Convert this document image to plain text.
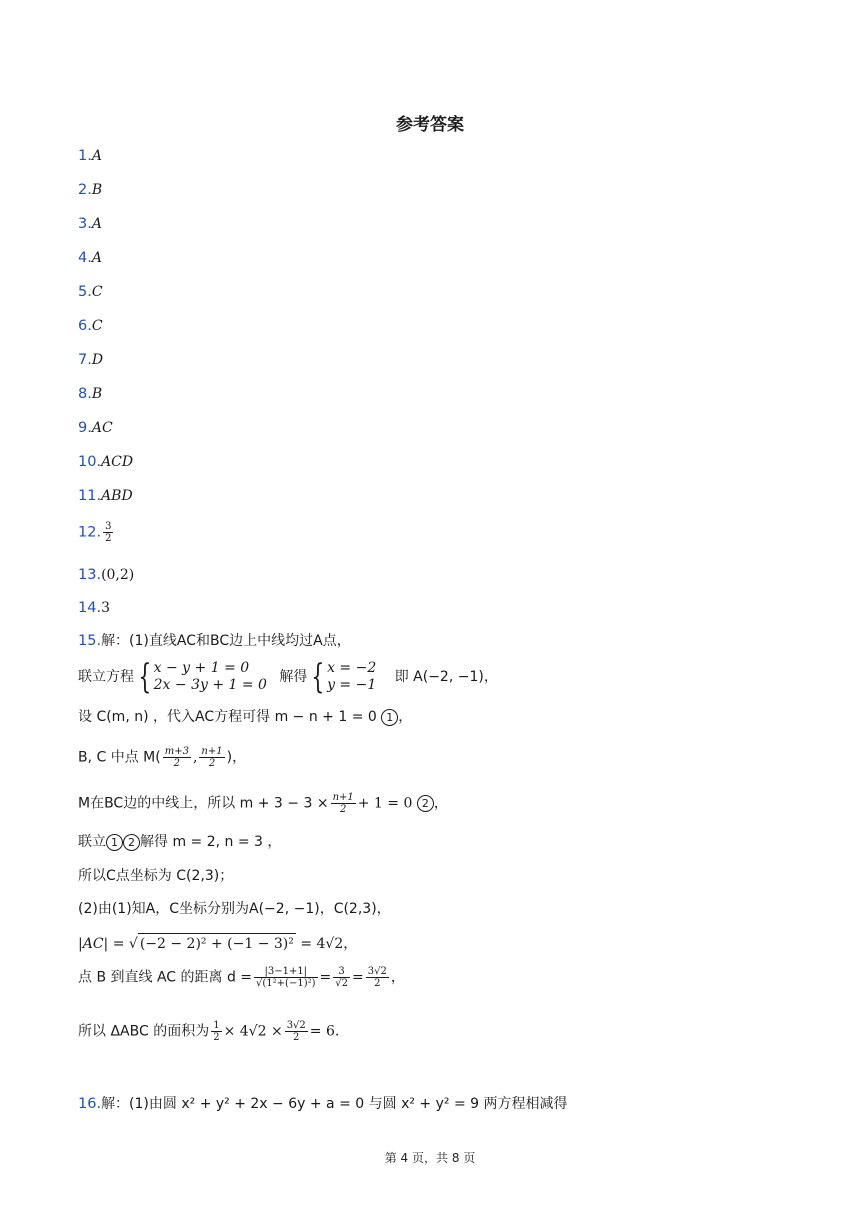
参考答案
1.A
2.B
3.A
4.A
5.C
6.C
7.D
8.B
9.AC
10.ACD
11.ABD
12. $\frac{3}{2}$
13.(0,2)
14.3
15.解：(1)直线AC和BC边上中线均过A点，
联立方程 { x − y + 1 = 0
2x − 3y + 1 = 0 解得 { x = −2
y = −1 即 A(−2, −1)，
设 C(m, n) ，代入AC方程可得 m − n + 1 = 0 1 ，
B, C 中点 $M( \frac{m+3}{2}$ , $\frac{n+1}{2}$ )，
M在BC边的中线上，所以 $m + 3 - 3 \times \frac{n+1}{2} + 1 = 0$ 2 ，
联立 1 2 解得 m = 2, n = 3 ，
所以C点坐标为 C(2,3)；
(2)由(1)知A，C坐标分别为A(−2, −1)，C(2,3)，
|AC| = √ (−2 − 2)² + (−1 − 3)² = 4√2，
点 B 到直线 AC 的距离 $d = \frac{|3-1+1|}{\text{√(1²+(−1)²)}} = \frac{3}{√2} = \frac{3√2}{2}$ ，
所以 ΔABC 的面积为 $\frac{1}{2} \times 4√2 \times \frac{3√2}{2} = 6$.
16.解：(1)由圆 x² + y² + 2x − 6y + a = 0 与圆 x² + y² = 9 两方程相减得
第 4 页，共 8 页
